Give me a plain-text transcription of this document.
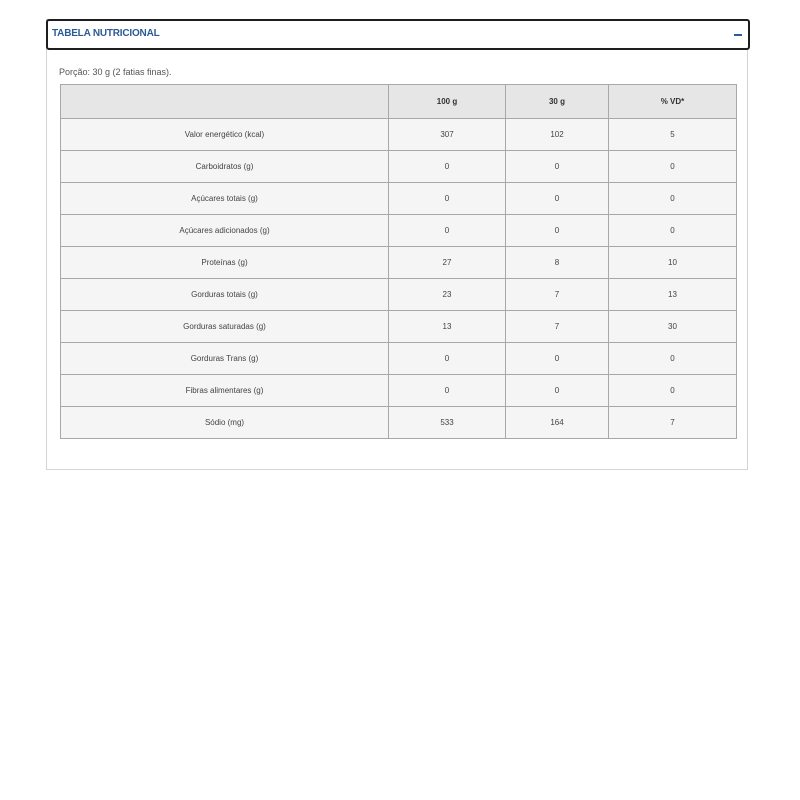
TABELA NUTRICIONAL
Porção: 30 g (2 fatias finas).
	100 g	30 g	% VD*
Valor energético (kcal)	307	102	5
Carboidratos (g)	0	0	0
Açúcares totais (g)	0	0	0
Açúcares adicionados (g)	0	0	0
Proteínas (g)	27	8	10
Gorduras totais (g)	23	7	13
Gorduras saturadas (g)	13	7	30
Gorduras Trans (g)	0	0	0
Fibras alimentares (g)	0	0	0
Sódio (mg)	533	164	7
